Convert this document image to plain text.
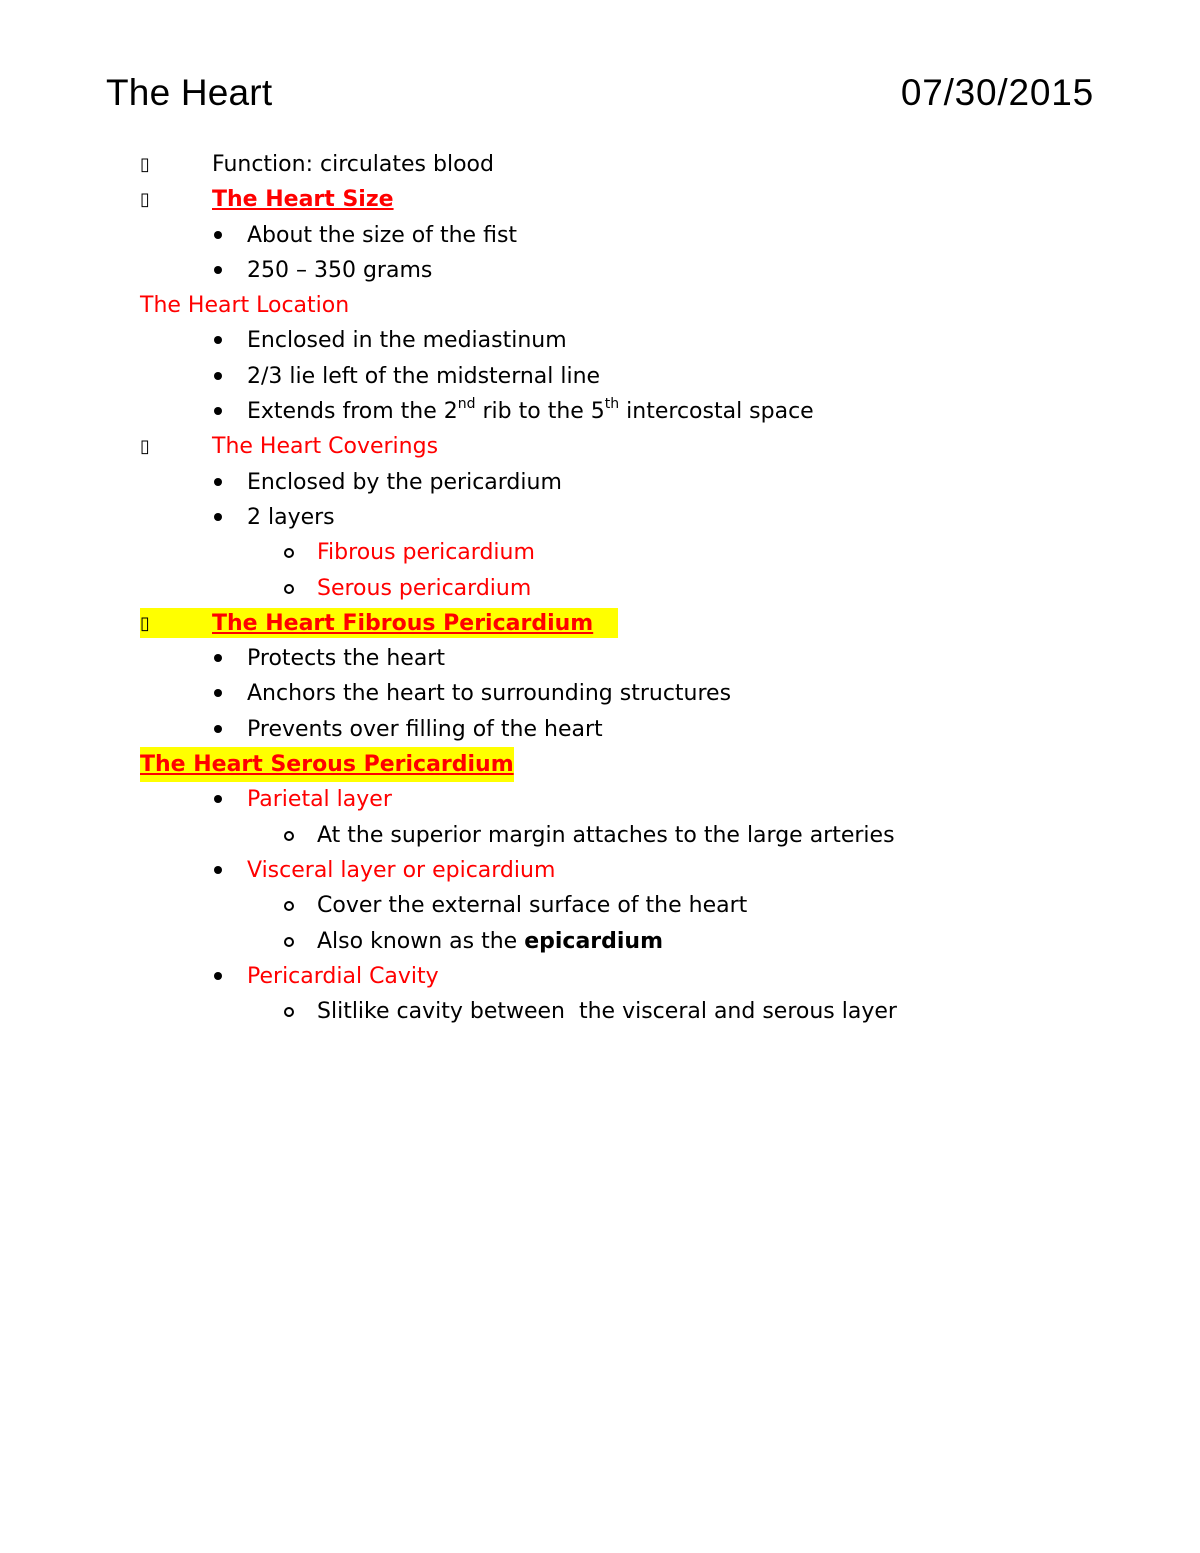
The Heart	07/30/2015
▯	Function: circulates blood
▯	The Heart Size
About the size of the fist
250 – 350 grams
The Heart Location
Enclosed in the mediastinum
2/3 lie left of the midsternal line
Extends from the 2nd rib to the 5th intercostal space
▯	The Heart Coverings
Enclosed by the pericardium
2 layers
Fibrous pericardium
Serous pericardium
▯	The Heart Fibrous Pericardium
Protects the heart
Anchors the heart to surrounding structures
Prevents over filling of the heart
The Heart Serous Pericardium
Parietal layer
At the superior margin attaches to the large arteries
Visceral layer or epicardium
Cover the external surface of the heart
Also known as the epicardium
Pericardial Cavity
Slitlike cavity between  the visceral and serous layer
